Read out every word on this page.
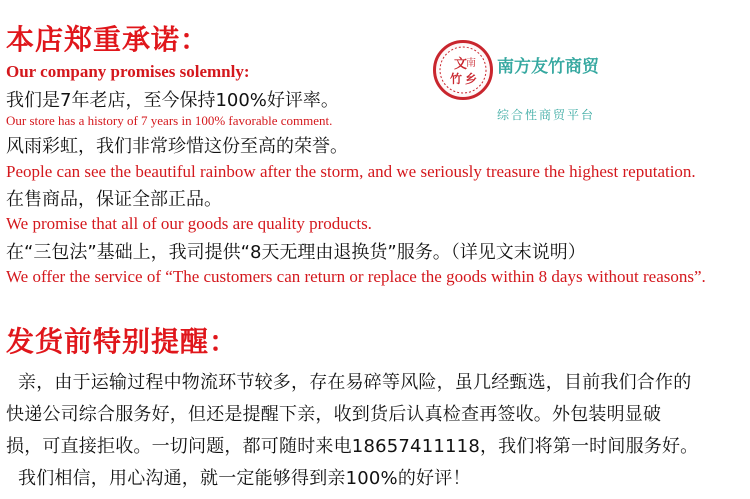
本店郑重承诺：
Our company promises solemnly:
我们是7年老店，至今保持100%好评率。
Our store has a history of 7 years in 100% favorable comment.
风雨彩虹，我们非常珍惜这份至高的荣誉。
People can see the beautiful rainbow after the storm, and we seriously treasure the highest reputation.
在售商品，保证全部正品。
We promise that all of our goods are quality products.
在“三包法”基础上，我司提供“8天无理由退换货”服务。（详见文末说明）
We offer the service of “The customers can return or replace the goods within 8 days without reasons”.
文
南
竹 乡
南方友竹商贸
综合性商贸平台
发货前特别提醒：
亲，由于运输过程中物流环节较多，存在易碎等风险，虽几经甄选，目前我们合作的
快递公司综合服务好，但还是提醒下亲，收到货后认真检查再签收。外包装明显破
损，可直接拒收。一切问题，都可随时来电18657411118，我们将第一时间服务好。
我们相信，用心沟通，就一定能够得到亲100%的好评！
